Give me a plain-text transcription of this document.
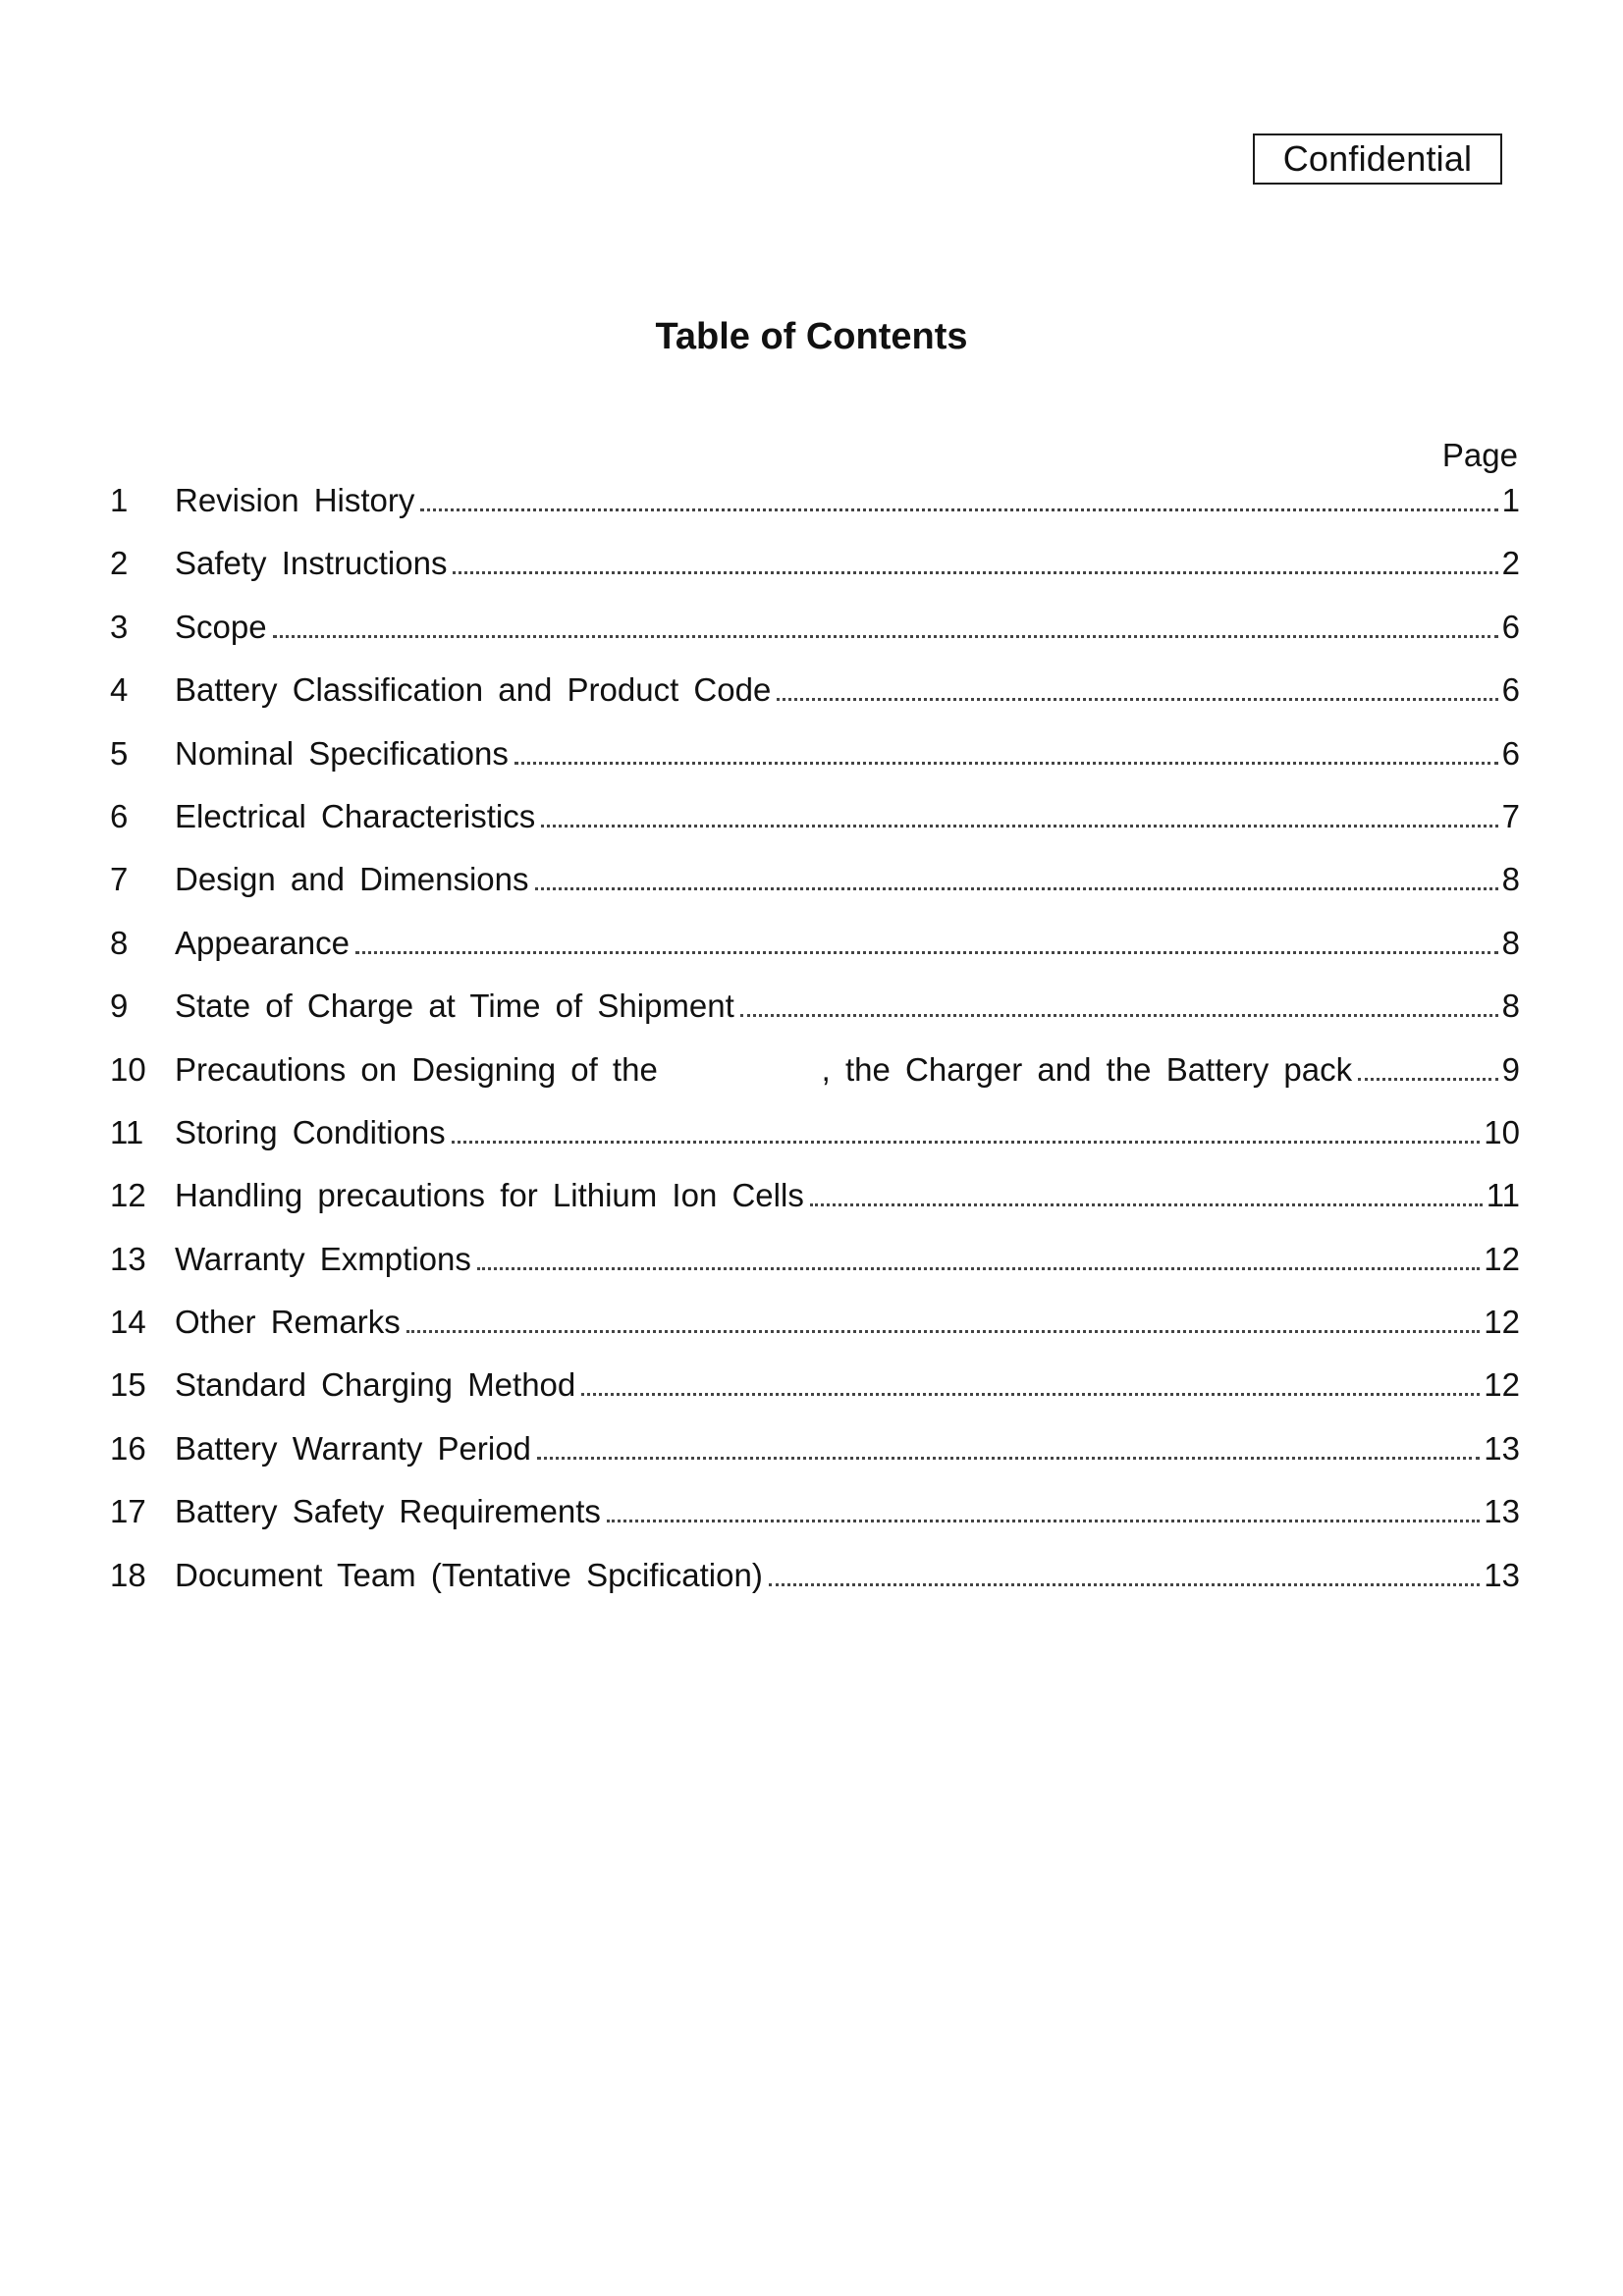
Confidential
Table of Contents
Page
1	Revision History	1
2	Safety Instructions	2
3	Scope	6
4	Battery Classification and Product Code	6
5	Nominal Specifications	6
6	Electrical Characteristics	7
7	Design and Dimensions	8
8	Appearance	8
9	State of Charge at Time of Shipment	8
10 Precautions on Designing of the           , the Charger and the Battery pack	9
11 Storing Conditions	10
12 Handling precautions for Lithium Ion Cells	11
13 Warranty Exmptions	12
14 Other Remarks	12
15 Standard Charging Method	12
16 Battery Warranty Period	13
17 Battery Safety Requirements	13
18 Document Team (Tentative Spcification)	13
